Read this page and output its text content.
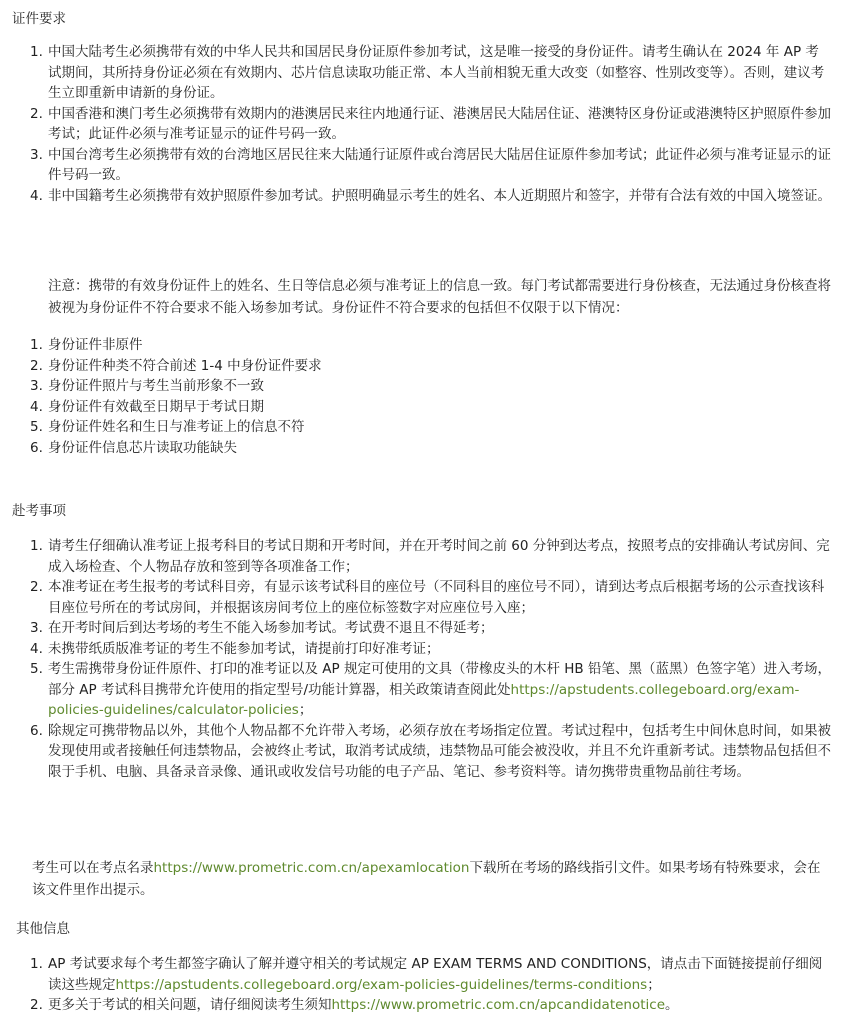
证件要求
1. 中国大陆考生必须携带有效的中华人民共和国居民身份证原件参加考试，这是唯一接受的身份证件。请考生确认在 2024 年 AP 考试期间，其所持身份证必须在有效期内、芯片信息读取功能正常、本人当前相貌无重大改变（如整容、性别改变等）。否则，建议考生立即重新申请新的身份证。
2. 中国香港和澳门考生必须携带有效期内的港澳居民来往内地通行证、港澳居民大陆居住证、港澳特区身份证或港澳特区护照原件参加考试；此证件必须与准考证显示的证件号码一致。
3. 中国台湾考生必须携带有效的台湾地区居民往来大陆通行证原件或台湾居民大陆居住证原件参加考试；此证件必须与准考证显示的证件号码一致。
4. 非中国籍考生必须携带有效护照原件参加考试。护照明确显示考生的姓名、本人近期照片和签字，并带有合法有效的中国入境签证。

注意：携带的有效身份证件上的姓名、生日等信息必须与准考证上的信息一致。每门考试都需要进行身份核查，无法通过身份核查将被视为身份证件不符合要求不能入场参加考试。身份证件不符合要求的包括但不仅限于以下情况：

1. 身份证件非原件
2. 身份证件种类不符合前述 1-4 中身份证件要求
3. 身份证件照片与考生当前形象不一致
4. 身份证件有效截至日期早于考试日期
5. 身份证件姓名和生日与准考证上的信息不符
6. 身份证件信息芯片读取功能缺失
赴考事项
1. 请考生仔细确认准考证上报考科目的考试日期和开考时间，并在开考时间之前 60 分钟到达考点，按照考点的安排确认考试房间、完成入场检查、个人物品存放和签到等各项准备工作；
2. 本准考证在考生报考的考试科目旁，有显示该考试科目的座位号（不同科目的座位号不同），请到达考点后根据考场的公示查找该科目座位号所在的考试房间，并根据该房间考位上的座位标签数字对应座位号入座；
3. 在开考时间后到达考场的考生不能入场参加考试。考试费不退且不得延考；
4. 未携带纸质版准考证的考生不能参加考试，请提前打印好准考证；
5. 考生需携带身份证件原件、打印的准考证以及 AP 规定可使用的文具（带橡皮头的木杆 HB 铅笔、黑（蓝黑）色签字笔）进入考场，部分 AP 考试科目携带允许使用的指定型号/功能计算器，相关政策请查阅此处https://apstudents.collegeboard.org/exam-policies-guidelines/calculator-policies；
6. 除规定可携带物品以外，其他个人物品都不允许带入考场，必须存放在考场指定位置。考试过程中，包括考生中间休息时间，如果被发现使用或者接触任何违禁物品，会被终止考试，取消考试成绩，违禁物品可能会被没收，并且不允许重新考试。违禁物品包括但不限于手机、电脑、具备录音录像、通讯或收发信号功能的电子产品、笔记、参考资料等。请勿携带贵重物品前往考场。

考生可以在考点名录https://www.prometric.com.cn/apexamlocation下载所在考场的路线指引文件。如果考场有特殊要求，会在该文件里作出提示。

其他信息
1. AP 考试要求每个考生都签字确认了解并遵守相关的考试规定 AP EXAM TERMS AND CONDITIONS，请点击下面链接提前仔细阅读这些规定https://apstudents.collegeboard.org/exam-policies-guidelines/terms-conditions；
2. 更多关于考试的相关问题，请仔细阅读考生须知https://www.prometric.com.cn/apcandidatenotice。
